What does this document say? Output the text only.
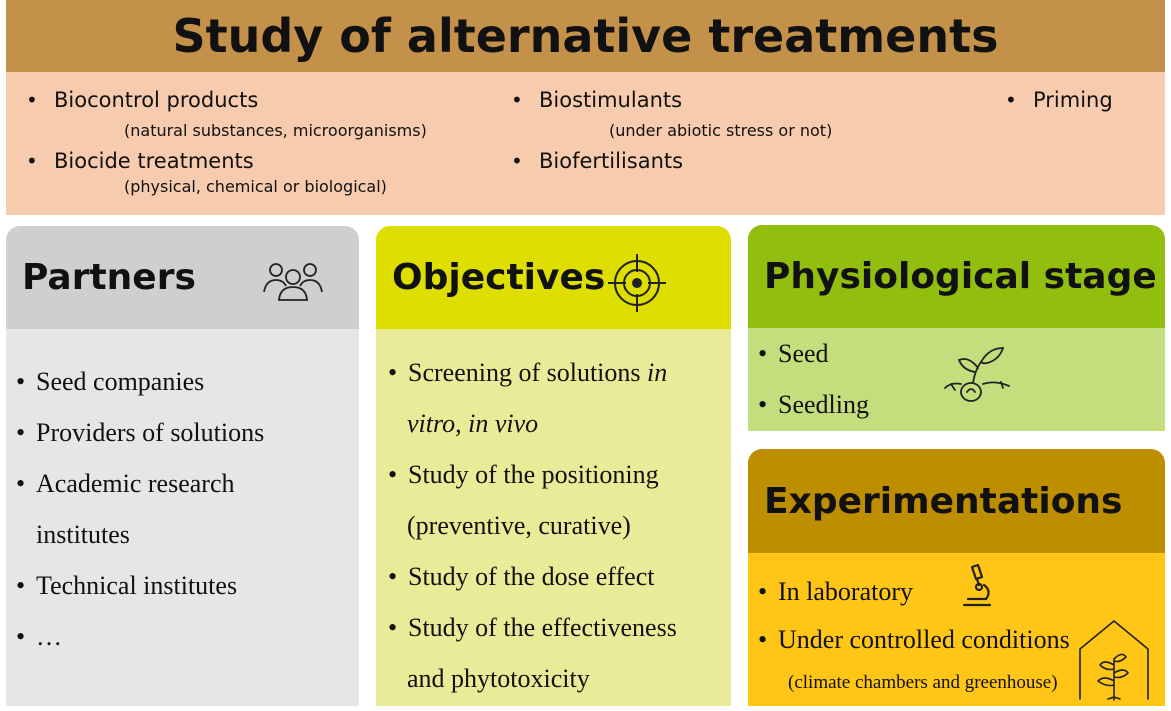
Study of alternative treatments
• Biocontrol products
(natural substances, microorganisms)
• Biocide treatments
(physical, chemical or biological)
• Biostimulants
(under abiotic stress or not)
• Biofertilisants
• Priming
Partners
• Seed companies
• Providers of solutions
• Academic research
institutes
• Technical institutes
• …
Objectives
• Screening of solutions in
vitro, in vivo
• Study of the positioning
(preventive, curative)
• Study of the dose effect
• Study of the effectiveness
and phytotoxicity
Physiological stage
• Seed
• Seedling
Experimentations
• In laboratory
• Under controlled conditions
(climate chambers and greenhouse)
